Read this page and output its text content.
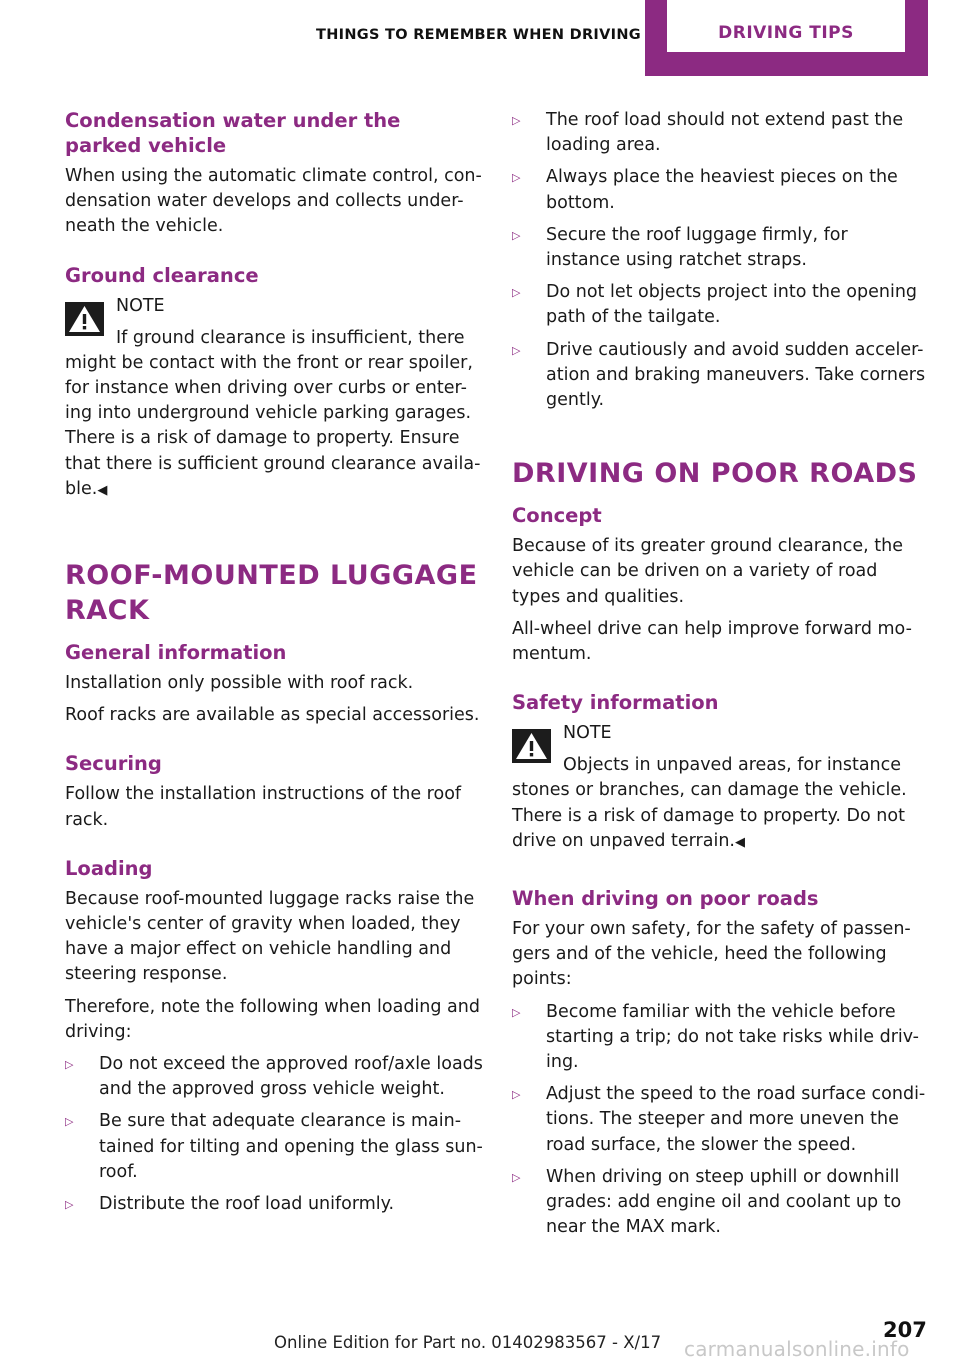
THINGS TO REMEMBER WHEN DRIVING	DRIVING TIPS
Condensation water under the parked vehicle

When using the automatic climate control, con-densation water develops and collects under-neath the vehicle.

Ground clearance
NOTE

If ground clearance is insufficient, there might be contact with the front or rear spoiler, for instance when driving over curbs or enter-ing into underground vehicle parking garages. There is a risk of damage to property. Ensure that there is sufficient ground clearance availa-ble.◀

ROOF-MOUNTED LUGGAGE RACK
General information

Installation only possible with roof rack.

Roof racks are available as special accessories.

Securing

Follow the installation instructions of the roof rack.

Loading

Because roof-mounted luggage racks raise the vehicle's center of gravity when loaded, they have a major effect on vehicle handling and steering response.

Therefore, note the following when loading and driving:

▷ Do not exceed the approved roof/axle loads and the approved gross vehicle weight.
▷ Be sure that adequate clearance is main-tained for tilting and opening the glass sun-roof.
▷ Distribute the roof load uniformly.
▷ The roof load should not extend past the loading area.
▷ Always place the heaviest pieces on the bottom.
▷ Secure the roof luggage firmly, for instance using ratchet straps.
▷ Do not let objects project into the opening path of the tailgate.
▷ Drive cautiously and avoid sudden acceler-ation and braking maneuvers. Take corners gently.
DRIVING ON POOR ROADS
Concept

Because of its greater ground clearance, the vehicle can be driven on a variety of road types and qualities.

All-wheel drive can help improve forward mo-mentum.

Safety information
NOTE

Objects in unpaved areas, for instance stones or branches, can damage the vehicle. There is a risk of damage to property. Do not drive on unpaved terrain.◀

When driving on poor roads

For your own safety, for the safety of passen-gers and of the vehicle, heed the following points:

▷ Become familiar with the vehicle before starting a trip; do not take risks while driv-ing.
▷ Adjust the speed to the road surface condi-tions. The steeper and more uneven the road surface, the slower the speed.
▷ When driving on steep uphill or downhill grades: add engine oil and coolant up to near the MAX mark.
207
Online Edition for Part no. 01402983567 - X/17 carmanualsonline.info
